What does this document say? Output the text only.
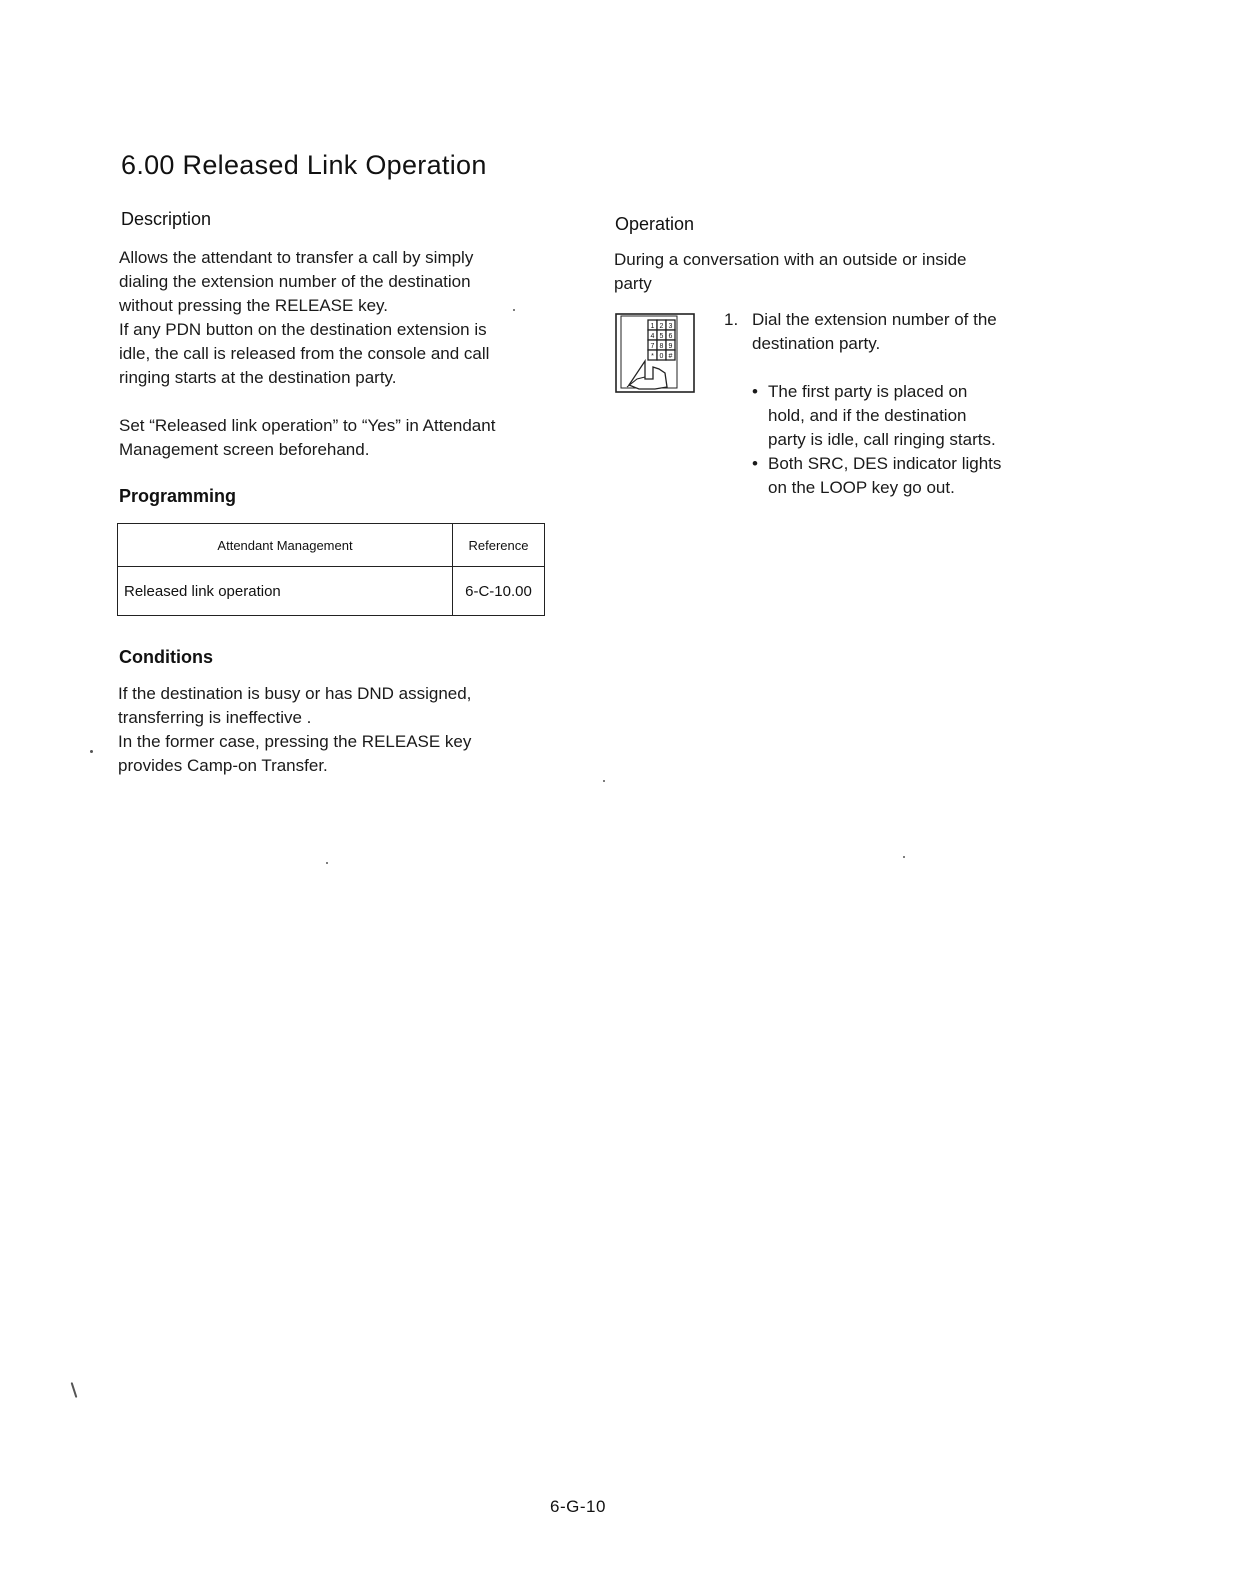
6.00 Released Link Operation
Description
Allows the attendant to transfer a call by simply
dialing the extension number of the destination
without pressing the RELEASE key.
If any PDN button on the destination extension is
idle, the call is released from the console and call
ringing starts at the destination party.
Set “Released link operation” to “Yes” in Attendant
Management screen beforehand.
Programming
Attendant Management	Reference
Released link operation	6-C-10.00
Conditions
If the destination is busy or has DND assigned,
transferring is ineffective .
In the former case, pressing the RELEASE key
provides Camp-on Transfer.
Operation
During a conversation with an outside or inside
party
1 2 3
4 5 6
7 8 9
* 0 #
1. Dial the extension number of the
destination party.
• The first party is placed on
hold, and if the destination
party is idle, call ringing starts.
• Both SRC, DES indicator lights
on the LOOP key go out.
6-G-10
